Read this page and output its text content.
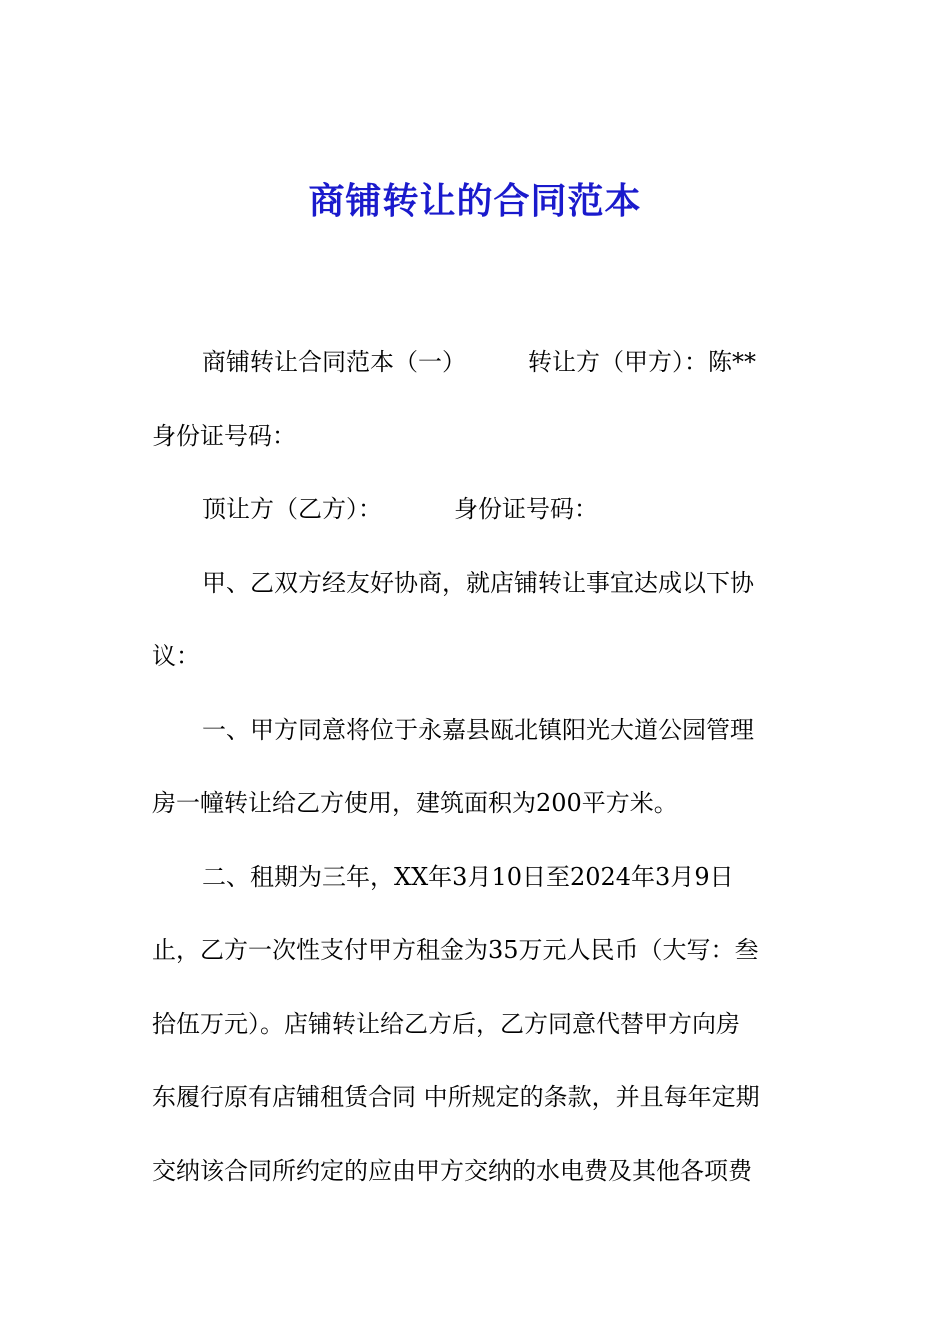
商铺转让的合同范本
商铺转让合同范本（一）	转让方（甲方）：陈**
身份证号码：
顶让方（乙方）：	身份证号码：
甲、乙双方经友好协商，就店铺转让事宜达成以下协
议：
一、甲方同意将位于永嘉县瓯北镇阳光大道公园管理
房一幢转让给乙方使用，建筑面积为200平方米。
二、租期为三年，XX年3月10日至2024年3月9日
止，乙方一次性支付甲方租金为35万元人民币（大写：叁
拾伍万元）。店铺转让给乙方后，乙方同意代替甲方向房
东履行原有店铺租赁合同 中所规定的条款，并且每年定期
交纳该合同所约定的应由甲方交纳的水电费及其他各项费
